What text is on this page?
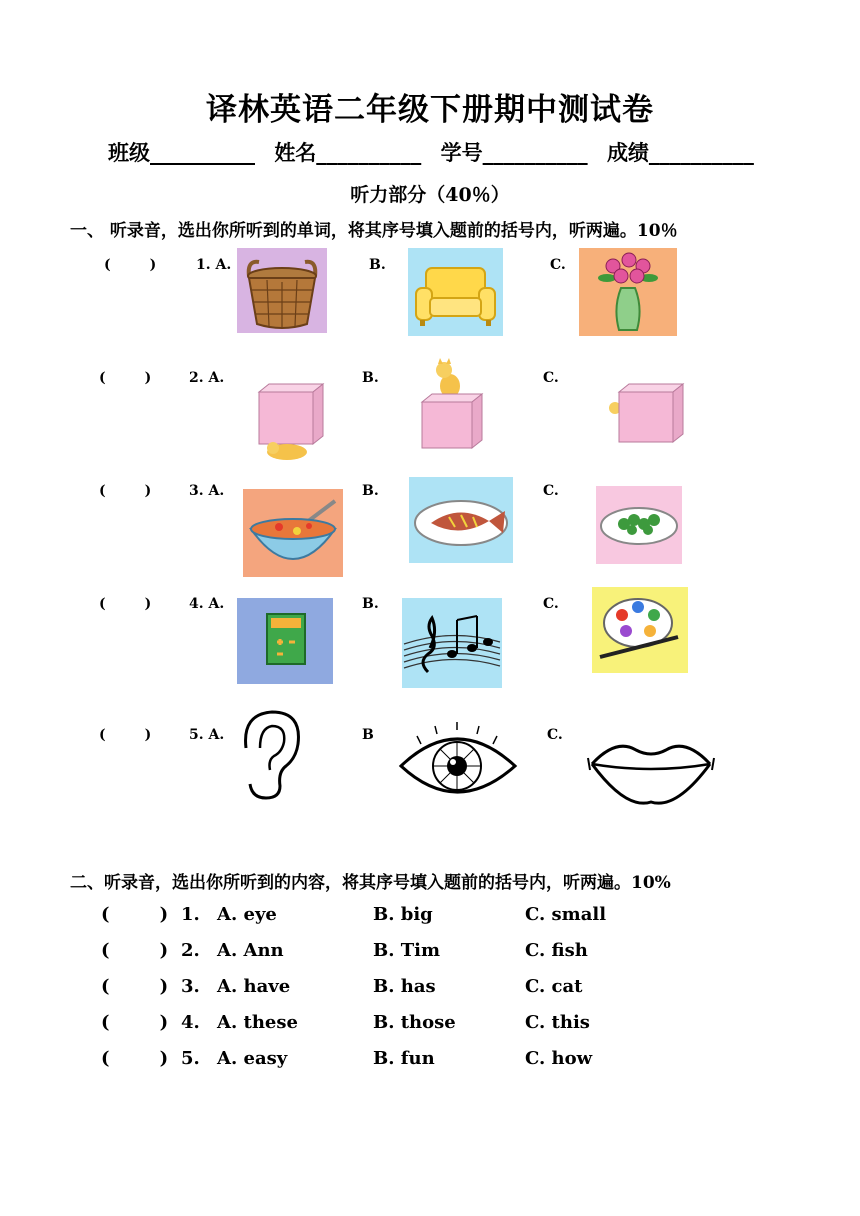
译林英语二年级下册期中测试卷
班级__________ 姓名__________ 学号__________ 成绩__________
听力部分（40％）
一、 听录音，选出你所听到的单词，将其序号填入题前的括号内，听两遍。10％
(        )	1. A.	B.	C.
(        )	2. A.	B.	C.
(        )	3. A.	B.	C.
(        )	4. A.	B.	C.
(        )	5. A.	B	C.
二、听录音，选出你所听到的内容，将其序号填入题前的括号内，听两遍。10%
(        ) 1. A. eye	B. big	C. small
(        ) 2. A. Ann	B. Tim	C. fish
(        ) 3. A. have	B. has	C. cat
(        ) 4. A. these	B. those	C. this
(        ) 5. A. easy	B. fun	C. how
